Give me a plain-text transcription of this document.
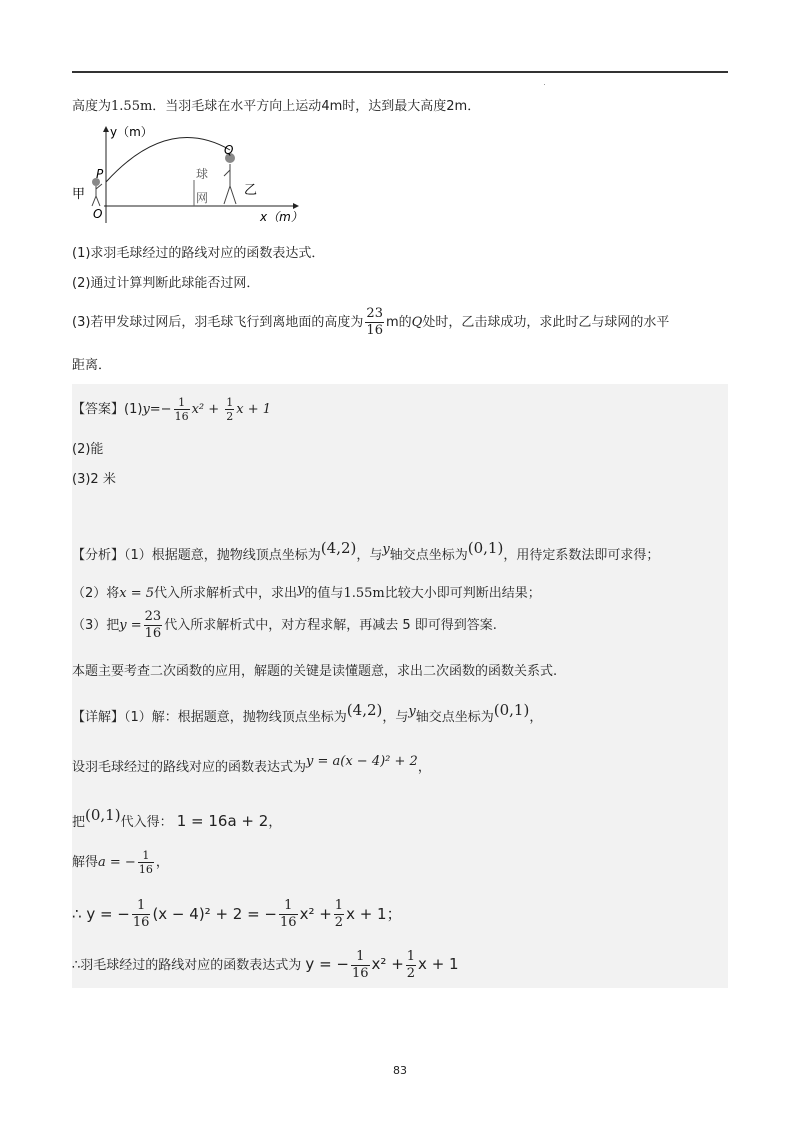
高度为1.55m．当羽毛球在水平方向上运动4m时，达到最大高度2m．
y（m）
x（m）
O
P
Q
甲	乙
球
网
(1)求羽毛球经过的路线对应的函数表达式．
(2)通过计算判断此球能否过网．
(3)若甲发球过网后，羽毛球飞行到离地面的高度为 $\frac{23}{16}$ m的Q处时，乙击球成功，求此时乙与球网的水平
距离．
【答案】$(1)y=- \frac{1}{16} x^2 + \frac{1}{2}$ x + 1
(2)能
(3)2 米
【分析】（1）根据题意，抛物线顶点坐标为(4,2)，与y轴交点坐标为(0,1)，用待定系数法即可求得；
（2）将x = 5代入所求解析式中，求出y的值与1.55m比较大小即可判断出结果；
（3）把$y = \frac{23}{16}$ 代入所求解析式中，对方程求解，再减去 5 即可得到答案.
本题主要考查二次函数的应用，解题的关键是读懂题意，求出二次函数的函数关系式.
【详解】（1）解：根据题意，抛物线顶点坐标为(4,2)，与y轴交点坐标为(0,1)，
设羽毛球经过的路线对应的函数表达式为y = a(x − 4)² + 2，
把(0,1)代入得： 1 = 16a + 2，
解得a = − $\frac{1}{16}$ ，
∴ y = − $\frac{1}{16} (x - 4)^2 + 2$ = − $\frac{1}{16} x^2 + \frac{1}{2}$ x + 1；
∴羽毛球经过的路线对应的函数表达式为 y = − $\frac{1}{16} x^2 + \frac{1}{2}$ x + 1
83
